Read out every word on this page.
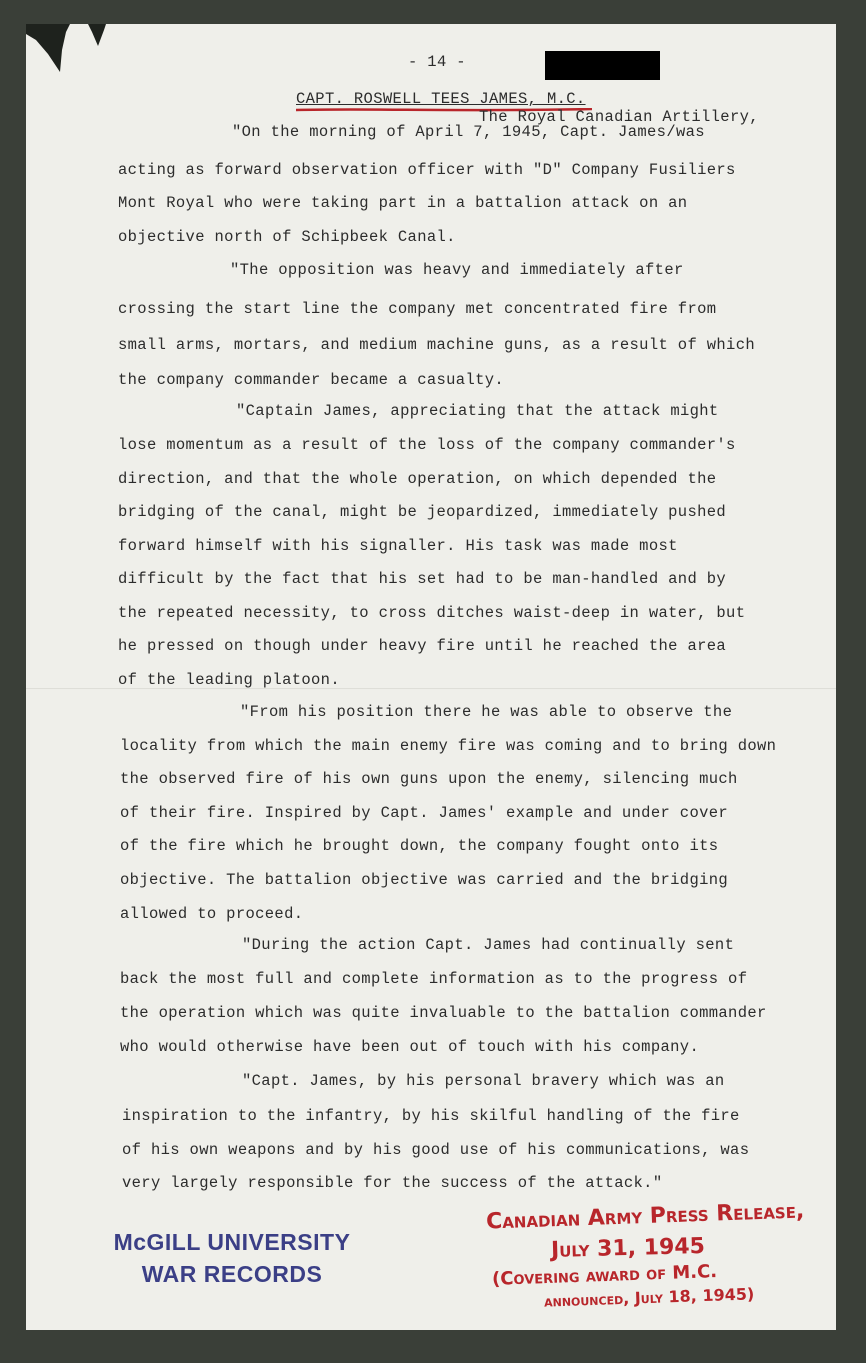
- 14 -
CAPT. ROSWELL TEES JAMES, M.C.
The Royal Canadian Artillery,
"On the morning of April 7, 1945, Capt. James/was
acting as forward observation officer with "D" Company Fusiliers
Mont Royal who were taking part in a battalion attack on an
objective north of Schipbeek Canal.
"The opposition was heavy and immediately after
crossing the start line the company met concentrated fire from
small arms, mortars, and medium machine guns, as a result of which
the company commander became a casualty.
"Captain James, appreciating that the attack might
lose momentum as a result of the loss of the company commander's
direction, and that the whole operation, on which depended the
bridging of the canal, might be jeopardized, immediately pushed
forward himself with his signaller. His task was made most
difficult by the fact that his set had to be man-handled and by
the repeated necessity, to cross ditches waist-deep in water, but
he pressed on though under heavy fire until he reached the area
of the leading platoon.
"From his position there he was able to observe the
locality from which the main enemy fire was coming and to bring down
the observed fire of his own guns upon the enemy, silencing much
of their fire. Inspired by Capt. James' example and under cover
of the fire which he brought down, the company fought onto its
objective. The battalion objective was carried and the bridging
allowed to proceed.
"During the action Capt. James had continually sent
back the most full and complete information as to the progress of
the operation which was quite invaluable to the battalion commander
who would otherwise have been out of touch with his company.
"Capt. James, by his personal bravery which was an
inspiration to the infantry, by his skilful handling of the fire
of his own weapons and by his good use of his communications, was
very largely responsible for the success of the attack."
McGILL UNIVERSITY
WAR RECORDS
Canadian Army Press Release,
July 31, 1945
(Covering award of M.C.
announced, July 18, 1945)
